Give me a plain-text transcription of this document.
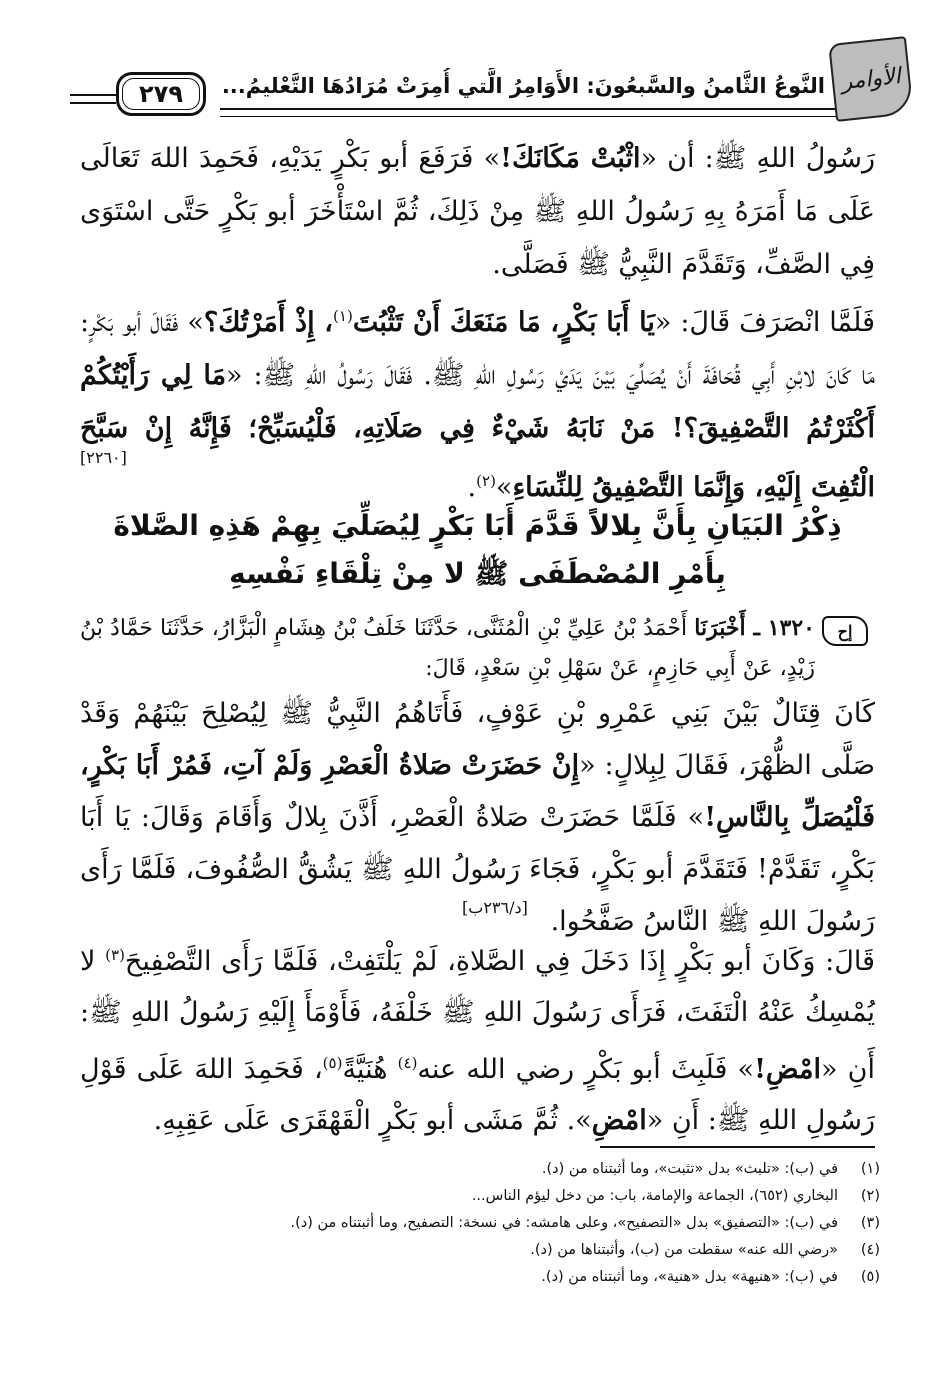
٢٧٩	النَّوعُ الثَّامنُ والسَّبعُونَ: الأَوَامِرُ الَّتي أُمِرَتْ مُرَادُهَا التَّعْليمُ... الأوامر
رَسُولُ اللهِ ﷺ: أن «اثْبُتْ مَكَانَكَ!» فَرَفَعَ أبو بَكْرٍ يَدَيْهِ، فَحَمِدَ اللهَ تَعَالَى عَلَى مَا أَمَرَهُ بِهِ رَسُولُ اللهِ ﷺ مِنْ ذَلِكَ، ثُمَّ اسْتَأْخَرَ أبو بَكْرٍ حَتَّى اسْتَوَى فِي الصَّفِّ، وَتَقَدَّمَ النَّبِيُّ ﷺ فَصَلَّى.
فَلَمَّا انْصَرَفَ قَالَ: «يَا أَبَا بَكْرٍ، مَا مَنَعَكَ أَنْ تَثْبُتَ$^{(١)}$، إِذْ أَمَرْتُكَ؟» فَقَالَ أبو بَكْرٍ: مَا كَانَ لابْنِ أَبِي قُحَافَةَ أَنْ يُصَلِّيَ بَيْنَ يَدَيْ رَسُولِ اللهِ ﷺ. فَقَالَ رَسُولُ اللهِ ﷺ: «مَا لِي رَأَيْتُكُمْ أَكْثَرْتُمُ التَّصْفِيقَ؟! مَنْ نَابَهُ شَيْءٌ فِي صَلَاتِهِ، فَلْيُسَبِّحْ؛ فَإِنَّهُ إِنْ سَبَّحَ الْتُفِتَ إِلَيْهِ، وَإِنَّمَا التَّصْفِيقُ لِلنِّسَاءِ»$^{(٢)}$.
[٢٢٦٠]
ذِكْرُ البَيَانِ بِأَنَّ بِلالاً قَدَّمَ أَبَا بَكْرٍ لِيُصَلِّيَ بِهِمْ هَذِهِ الصَّلاةَ
بِأَمْرِ المُصْطَفَى ﷺ لا مِنْ تِلْقَاءِ نَفْسِهِ
إح
١٣٢٠ ـ أَخْبَرَنَا أَحْمَدُ بْنُ عَلِيِّ بْنِ الْمُثَنَّى، حَدَّثَنَا خَلَفُ بْنُ هِشَامٍ الْبَزَّارُ، حَدَّثَنَا حَمَّادُ بْنُ زَيْدٍ، عَنْ أَبِي حَازِمٍ، عَنْ سَهْلِ بْنِ سَعْدٍ، قَالَ:
كَانَ قِتَالٌ بَيْنَ بَنِي عَمْرِو بْنِ عَوْفٍ، فَأَتَاهُمُ النَّبِيُّ ﷺ لِيُصْلِحَ بَيْنَهُمْ وَقَدْ صَلَّى الظُّهْرَ، فَقَالَ لِبِلالٍ: «إِنْ حَضَرَتْ صَلاةُ الْعَصْرِ وَلَمْ آتِ، فَمُرْ أَبَا بَكْرٍ، فَلْيُصَلِّ بِالنَّاسِ!» فَلَمَّا حَضَرَتْ صَلاةُ الْعَصْرِ، أَذَّنَ بِلالٌ وَأَقَامَ وَقَالَ: يَا أَبَا بَكْرٍ، تَقَدَّمْ! فَتَقَدَّمَ أبو بَكْرٍ، فَجَاءَ رَسُولُ اللهِ ﷺ يَشُقُّ الصُّفُوفَ، فَلَمَّا رَأَى رَسُولَ اللهِ ﷺ النَّاسُ صَفَّحُوا.
[د/٢٣٦ب]
قَالَ: وَكَانَ أبو بَكْرٍ إِذَا دَخَلَ فِي الصَّلاةِ، لَمْ يَلْتَفِتْ، فَلَمَّا رَأَى التَّصْفِيحَ$^{(٣)}$ لا يُمْسِكُ عَنْهُ الْتَفَتَ، فَرَأَى رَسُولَ اللهِ ﷺ خَلْفَهُ، فَأَوْمَأَ إِلَيْهِ رَسُولُ اللهِ ﷺ: أَنِ «امْضِ!» فَلَبِثَ أبو بَكْرٍ رضي الله عنه$^{(٤)}$ هُنَيَّةً$^{(٥)}$، فَحَمِدَ اللهَ عَلَى قَوْلِ رَسُولِ اللهِ ﷺ: أَنِ «امْضِ». ثُمَّ مَشَى أبو بَكْرٍ الْقَهْقَرَى عَلَى عَقِبِهِ.
(١)
في (ب): «تلبث» بدل «تثبت»، وما أثبتناه من (د).
(٢)
البخاري (٦٥٢)، الجماعة والإمامة، باب: من دخل ليؤم الناس...
(٣)
في (ب): «التصفيق» بدل «التصفيح»، وعلى هامشه: في نسخة: التصفيح، وما أثبتناه من (د).
(٤)
«رضي الله عنه» سقطت من (ب)، وأثبتناها من (د).
(٥)
في (ب): «هنيهة» بدل «هنية»، وما أثبتناه من (د).
